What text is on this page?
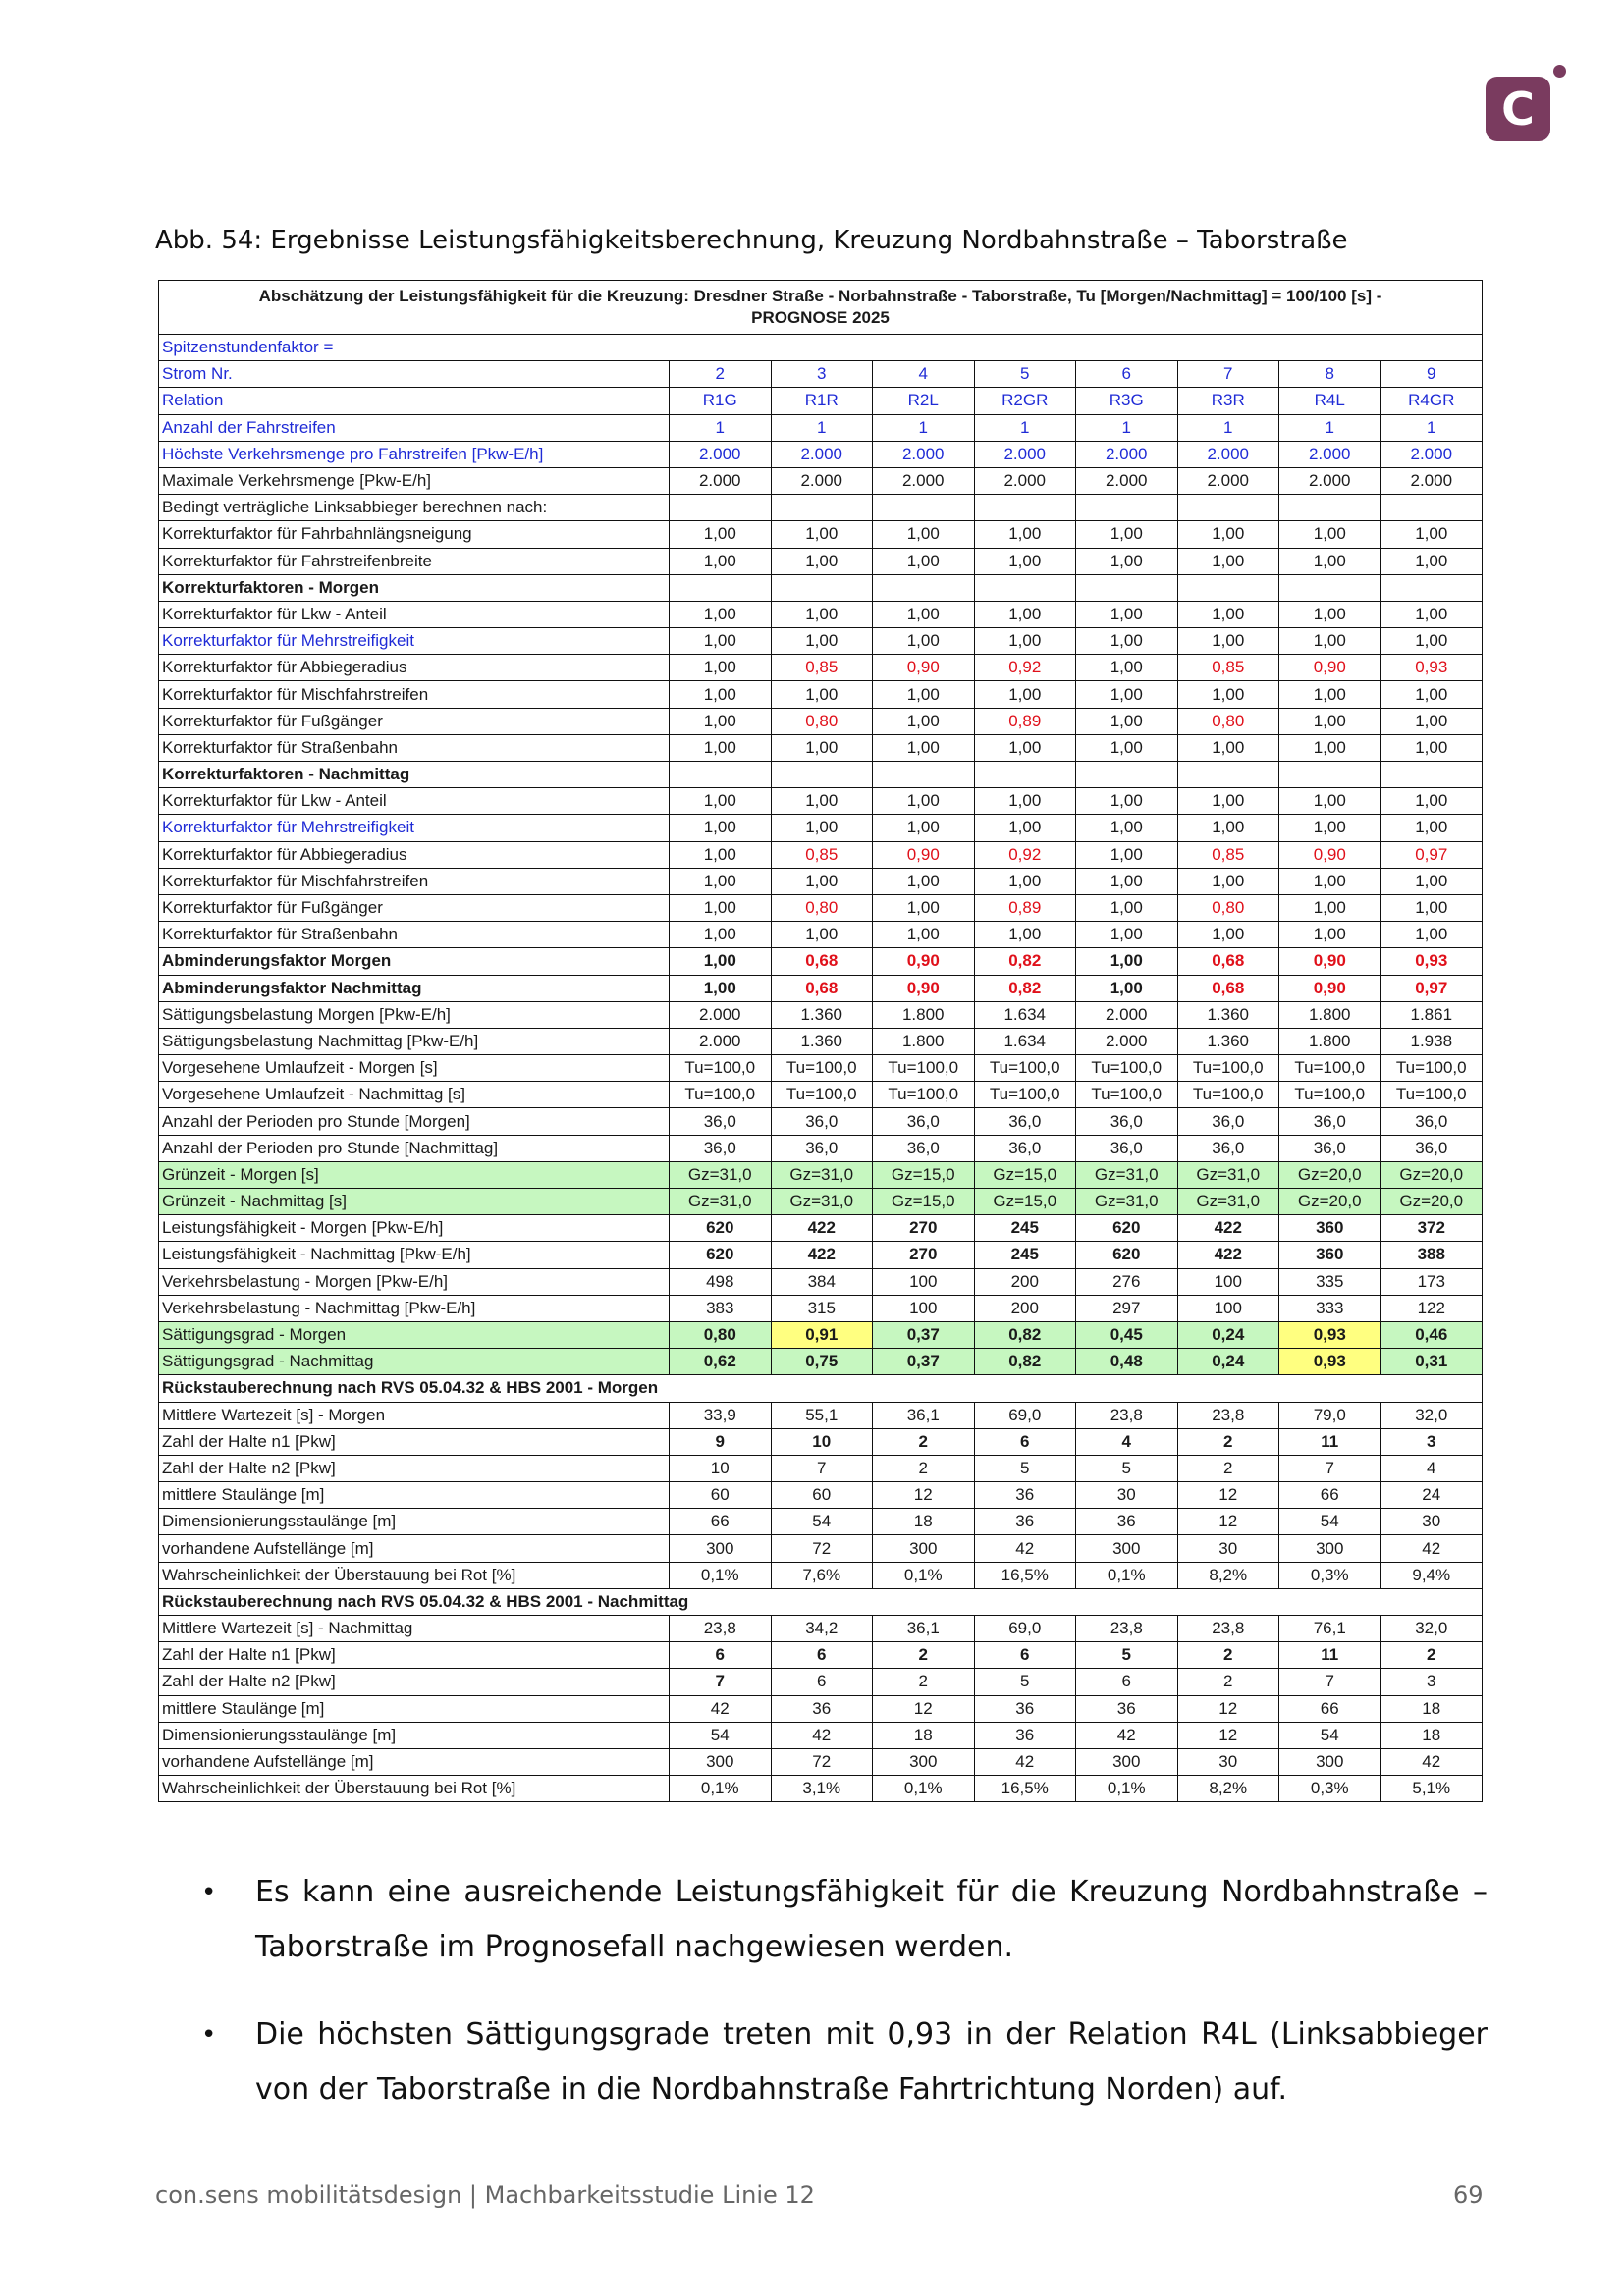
C
Abb. 54: Ergebnisse Leistungsfähigkeitsberechnung, Kreuzung Nordbahnstraße – Taborstraße
Abschätzung der Leistungsfähigkeit für die Kreuzung: Dresdner Straße - Norbahnstraße - Taborstraße, Tu [Morgen/Nachmittag] = 100/100 [s] -
PROGNOSE 2025								
Spitzenstundenfaktor =								
Strom Nr.	2	3	4	5	6	7	8	9
Relation	R1G	R1R	R2L	R2GR	R3G	R3R	R4L	R4GR
Anzahl der Fahrstreifen	1	1	1	1	1	1	1	1
Höchste Verkehrsmenge pro Fahrstreifen [Pkw-E/h]	2.000	2.000	2.000	2.000	2.000	2.000	2.000	2.000
Maximale Verkehrsmenge [Pkw-E/h]	2.000	2.000	2.000	2.000	2.000	2.000	2.000	2.000
Bedingt verträgliche Linksabbieger berechnen nach:								
Korrekturfaktor für Fahrbahnlängsneigung	1,00	1,00	1,00	1,00	1,00	1,00	1,00	1,00
Korrekturfaktor für Fahrstreifenbreite	1,00	1,00	1,00	1,00	1,00	1,00	1,00	1,00
Korrekturfaktoren - Morgen								
Korrekturfaktor für Lkw - Anteil	1,00	1,00	1,00	1,00	1,00	1,00	1,00	1,00
Korrekturfaktor für Mehrstreifigkeit	1,00	1,00	1,00	1,00	1,00	1,00	1,00	1,00
Korrekturfaktor für Abbiegeradius	1,00	0,85	0,90	0,92	1,00	0,85	0,90	0,93
Korrekturfaktor für Mischfahrstreifen	1,00	1,00	1,00	1,00	1,00	1,00	1,00	1,00
Korrekturfaktor für Fußgänger	1,00	0,80	1,00	0,89	1,00	0,80	1,00	1,00
Korrekturfaktor für Straßenbahn	1,00	1,00	1,00	1,00	1,00	1,00	1,00	1,00
Korrekturfaktoren - Nachmittag								
Korrekturfaktor für Lkw - Anteil	1,00	1,00	1,00	1,00	1,00	1,00	1,00	1,00
Korrekturfaktor für Mehrstreifigkeit	1,00	1,00	1,00	1,00	1,00	1,00	1,00	1,00
Korrekturfaktor für Abbiegeradius	1,00	0,85	0,90	0,92	1,00	0,85	0,90	0,97
Korrekturfaktor für Mischfahrstreifen	1,00	1,00	1,00	1,00	1,00	1,00	1,00	1,00
Korrekturfaktor für Fußgänger	1,00	0,80	1,00	0,89	1,00	0,80	1,00	1,00
Korrekturfaktor für Straßenbahn	1,00	1,00	1,00	1,00	1,00	1,00	1,00	1,00
Abminderungsfaktor Morgen	1,00	0,68	0,90	0,82	1,00	0,68	0,90	0,93
Abminderungsfaktor Nachmittag	1,00	0,68	0,90	0,82	1,00	0,68	0,90	0,97
Sättigungsbelastung Morgen [Pkw-E/h]	2.000	1.360	1.800	1.634	2.000	1.360	1.800	1.861
Sättigungsbelastung Nachmittag [Pkw-E/h]	2.000	1.360	1.800	1.634	2.000	1.360	1.800	1.938
Vorgesehene Umlaufzeit - Morgen [s]	Tu=100,0	Tu=100,0	Tu=100,0	Tu=100,0	Tu=100,0	Tu=100,0	Tu=100,0	Tu=100,0
Vorgesehene Umlaufzeit - Nachmittag [s]	Tu=100,0	Tu=100,0	Tu=100,0	Tu=100,0	Tu=100,0	Tu=100,0	Tu=100,0	Tu=100,0
Anzahl der Perioden pro Stunde [Morgen]	36,0	36,0	36,0	36,0	36,0	36,0	36,0	36,0
Anzahl der Perioden pro Stunde [Nachmittag]	36,0	36,0	36,0	36,0	36,0	36,0	36,0	36,0
Grünzeit - Morgen [s]	Gz=31,0	Gz=31,0	Gz=15,0	Gz=15,0	Gz=31,0	Gz=31,0	Gz=20,0	Gz=20,0
Grünzeit - Nachmittag [s]	Gz=31,0	Gz=31,0	Gz=15,0	Gz=15,0	Gz=31,0	Gz=31,0	Gz=20,0	Gz=20,0
Leistungsfähigkeit - Morgen [Pkw-E/h]	620	422	270	245	620	422	360	372
Leistungsfähigkeit - Nachmittag [Pkw-E/h]	620	422	270	245	620	422	360	388
Verkehrsbelastung - Morgen [Pkw-E/h]	498	384	100	200	276	100	335	173
Verkehrsbelastung - Nachmittag [Pkw-E/h]	383	315	100	200	297	100	333	122
Sättigungsgrad - Morgen	0,80	0,91	0,37	0,82	0,45	0,24	0,93	0,46
Sättigungsgrad - Nachmittag	0,62	0,75	0,37	0,82	0,48	0,24	0,93	0,31
Rückstauberechnung nach RVS 05.04.32 & HBS 2001 - Morgen								
Mittlere Wartezeit [s] - Morgen	33,9	55,1	36,1	69,0	23,8	23,8	79,0	32,0
Zahl der Halte n1 [Pkw]	9	10	2	6	4	2	11	3
Zahl der Halte n2 [Pkw]	10	7	2	5	5	2	7	4
mittlere Staulänge [m]	60	60	12	36	30	12	66	24
Dimensionierungsstaulänge [m]	66	54	18	36	36	12	54	30
vorhandene Aufstellänge [m]	300	72	300	42	300	30	300	42
Wahrscheinlichkeit der Überstauung bei Rot [%]	0,1%	7,6%	0,1%	16,5%	0,1%	8,2%	0,3%	9,4%
Rückstauberechnung nach RVS 05.04.32 & HBS 2001 - Nachmittag								
Mittlere Wartezeit [s] - Nachmittag	23,8	34,2	36,1	69,0	23,8	23,8	76,1	32,0
Zahl der Halte n1 [Pkw]	6	6	2	6	5	2	11	2
Zahl der Halte n2 [Pkw]	7	6	2	5	6	2	7	3
mittlere Staulänge [m]	42	36	12	36	36	12	66	18
Dimensionierungsstaulänge [m]	54	42	18	36	42	12	54	18
vorhandene Aufstellänge [m]	300	72	300	42	300	30	300	42
Wahrscheinlichkeit der Überstauung bei Rot [%]	0,1%	3,1%	0,1%	16,5%	0,1%	8,2%	0,3%	5,1%
• Es kann eine ausreichende Leistungsfähigkeit für die Kreuzung Nordbahnstraße – Taborstraße im Prognosefall nachgewiesen werden.
• Die höchsten Sättigungsgrade treten mit 0,93 in der Relation R4L (Linksabbieger von der Taborstraße in die Nordbahnstraße Fahrtrichtung Norden) auf.
con.sens mobilitätsdesign | Machbarkeitsstudie Linie 12	69
